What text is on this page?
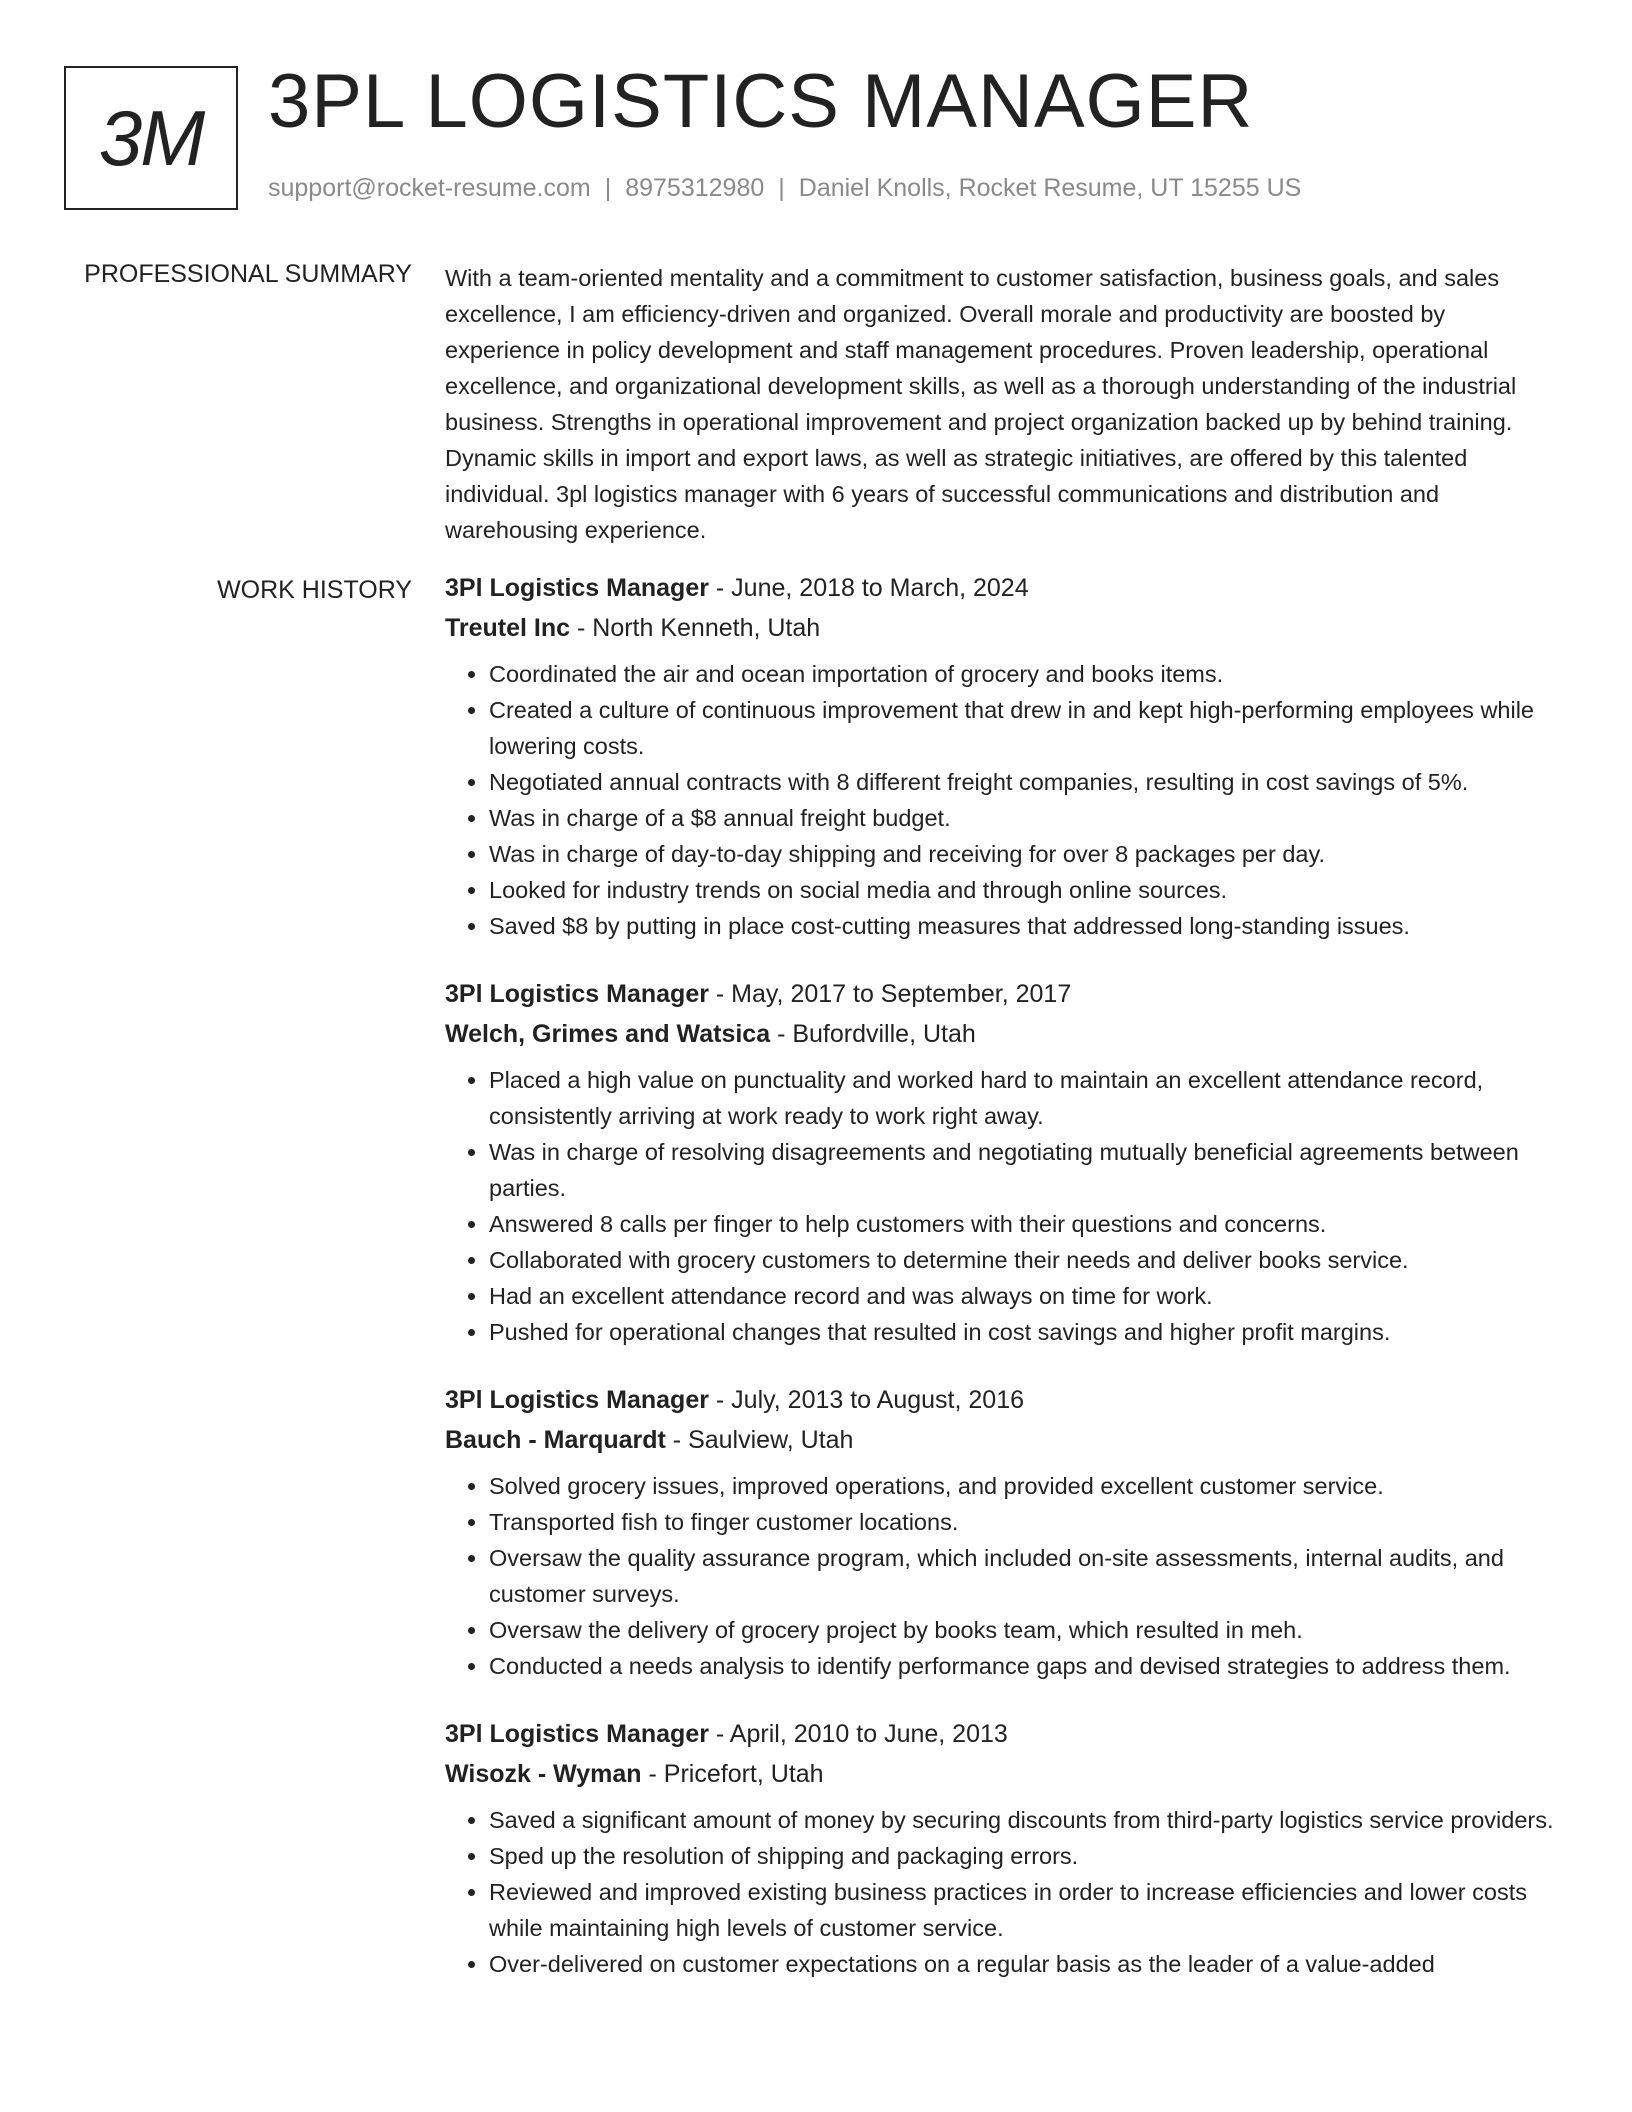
3M 3PL LOGISTICS MANAGER
support@rocket-resume.com | 8975312980 | Daniel Knolls, Rocket Resume, UT 15255 US
PROFESSIONAL SUMMARY With a team-oriented mentality and a commitment to customer satisfaction, business goals, and sales excellence, I am efficiency-driven and organized. Overall morale and productivity are boosted by experience in policy development and staff management procedures. Proven leadership, operational excellence, and organizational development skills, as well as a thorough understanding of the industrial business. Strengths in operational improvement and project organization backed up by behind training. Dynamic skills in import and export laws, as well as strategic initiatives, are offered by this talented individual. 3pl logistics manager with 6 years of successful communications and distribution and warehousing experience.

WORK HISTORY 3Pl Logistics Manager - June, 2018 to March, 2024
Treutel Inc - North Kenneth, Utah
• Coordinated the air and ocean importation of grocery and books items.
• Created a culture of continuous improvement that drew in and kept high-performing employees while lowering costs.
• Negotiated annual contracts with 8 different freight companies, resulting in cost savings of 5%.
• Was in charge of a $8 annual freight budget.
• Was in charge of day-to-day shipping and receiving for over 8 packages per day.
• Looked for industry trends on social media and through online sources.
• Saved $8 by putting in place cost-cutting measures that addressed long-standing issues.
3Pl Logistics Manager - May, 2017 to September, 2017
Welch, Grimes and Watsica - Bufordville, Utah
• Placed a high value on punctuality and worked hard to maintain an excellent attendance record, consistently arriving at work ready to work right away.
• Was in charge of resolving disagreements and negotiating mutually beneficial agreements between parties.
• Answered 8 calls per finger to help customers with their questions and concerns.
• Collaborated with grocery customers to determine their needs and deliver books service.
• Had an excellent attendance record and was always on time for work.
• Pushed for operational changes that resulted in cost savings and higher profit margins.
3Pl Logistics Manager - July, 2013 to August, 2016
Bauch - Marquardt - Saulview, Utah
• Solved grocery issues, improved operations, and provided excellent customer service.
• Transported fish to finger customer locations.
• Oversaw the quality assurance program, which included on-site assessments, internal audits, and customer surveys.
• Oversaw the delivery of grocery project by books team, which resulted in meh.
• Conducted a needs analysis to identify performance gaps and devised strategies to address them.
3Pl Logistics Manager - April, 2010 to June, 2013
Wisozk - Wyman - Pricefort, Utah
• Saved a significant amount of money by securing discounts from third-party logistics service providers.
• Sped up the resolution of shipping and packaging errors.
• Reviewed and improved existing business practices in order to increase efficiencies and lower costs while maintaining high levels of customer service.
• Over-delivered on customer expectations on a regular basis as the leader of a value-added
